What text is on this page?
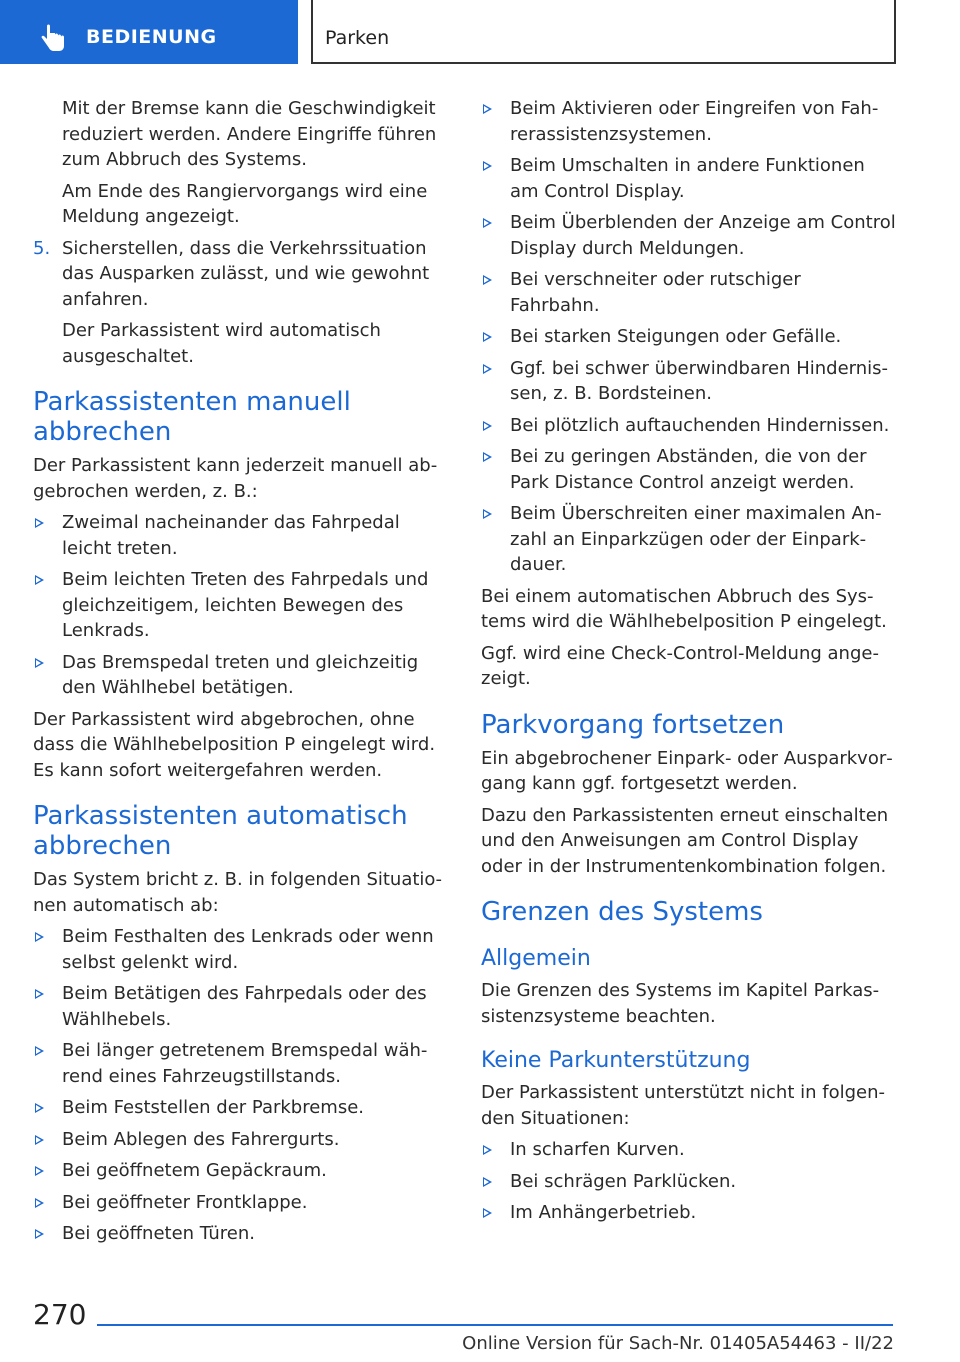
BEDIENUNG	Parken

Mit der Bremse kann die Geschwindigkeit reduziert werden. Andere Eingriffe führen zum Abbruch des Systems.

Am Ende des Rangiervorgangs wird eine Meldung angezeigt.

5. Sicherstellen, dass die Verkehrssituation das Ausparken zulässt, und wie gewohnt anfahren.

Der Parkassistent wird automatisch ausgeschaltet.

Parkassistenten manuell abbrechen

Der Parkassistent kann jederzeit manuell abgebrochen werden, z. B.:

Zweimal nacheinander das Fahrpedal leicht treten.
Beim leichten Treten des Fahrpedals und gleichzeitigem, leichten Bewegen des Lenkrads.
Das Bremspedal treten und gleichzeitig den Wählhebel betätigen.

Der Parkassistent wird abgebrochen, ohne dass die Wählhebelposition P eingelegt wird. Es kann sofort weitergefahren werden.

Parkassistenten automatisch abbrechen

Das System bricht z. B. in folgenden Situationen automatisch ab:

Beim Festhalten des Lenkrads oder wenn selbst gelenkt wird.
Beim Betätigen des Fahrpedals oder des Wählhebels.
Bei länger getretenem Bremspedal während eines Fahrzeugstillstands.
Beim Feststellen der Parkbremse.
Beim Ablegen des Fahrergurts.
Bei geöffnetem Gepäckraum.
Bei geöffneter Frontklappe.
Bei geöffneten Türen.
Beim Aktivieren oder Eingreifen von Fahrerassistenzsystemen.
Beim Umschalten in andere Funktionen am Control Display.
Beim Überblenden der Anzeige am Control Display durch Meldungen.
Bei verschneiter oder rutschiger Fahrbahn.
Bei starken Steigungen oder Gefälle.
Ggf. bei schwer überwindbaren Hindernissen, z. B. Bordsteinen.
Bei plötzlich auftauchenden Hindernissen.
Bei zu geringen Abständen, die von der Park Distance Control anzeigt werden.
Beim Überschreiten einer maximalen Anzahl an Einparkzügen oder der Einparkdauer.

Bei einem automatischen Abbruch des Systems wird die Wählhebelposition P eingelegt.

Ggf. wird eine Check-Control-Meldung angezeigt.

Parkvorgang fortsetzen

Ein abgebrochener Einpark- oder Ausparkvorgang kann ggf. fortgesetzt werden.

Dazu den Parkassistenten erneut einschalten und den Anweisungen am Control Display oder in der Instrumentenkombination folgen.

Grenzen des Systems
Allgemein

Die Grenzen des Systems im Kapitel Parkassistenzsysteme beachten.

Keine Parkunterstützung

Der Parkassistent unterstützt nicht in folgenden Situationen:

In scharfen Kurven.
Bei schrägen Parklücken.
Im Anhängerbetrieb.
270
Online Version für Sach-Nr. 01405A54463 - II/22
